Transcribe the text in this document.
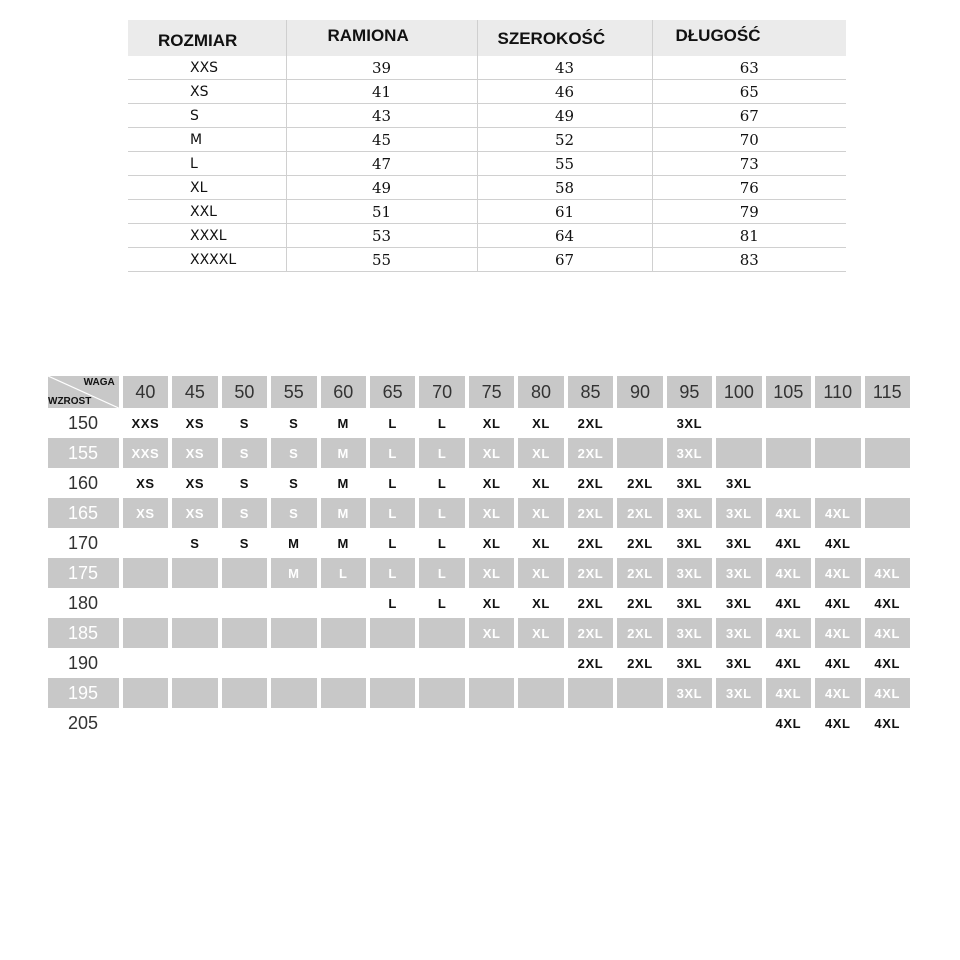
ROZMIAR	RAMIONA	SZEROKOŚĆ	DŁUGOŚĆ
XXS	39	43	63
XS	41	46	65
S	43	49	67
M	45	52	70
L	47	55	73
XL	49	58	76
XXL	51	61	79
XXXL	53	64	81
XXXXL	55	67	83
WAGA
WZROST	40	45	50	55	60	65	70	75	80	85	90	95	100	105	110	115
150	XXS	XS	S	S	M	L	L	XL	XL	2XL		3XL				
155	XXS	XS	S	S	M	L	L	XL	XL	2XL		3XL				
160	XS	XS	S	S	M	L	L	XL	XL	2XL	2XL	3XL	3XL			
165	XS	XS	S	S	M	L	L	XL	XL	2XL	2XL	3XL	3XL	4XL	4XL	
170		S	S	M	M	L	L	XL	XL	2XL	2XL	3XL	3XL	4XL	4XL	
175				M	L	L	L	XL	XL	2XL	2XL	3XL	3XL	4XL	4XL	4XL
180						L	L	XL	XL	2XL	2XL	3XL	3XL	4XL	4XL	4XL
185								XL	XL	2XL	2XL	3XL	3XL	4XL	4XL	4XL
190										2XL	2XL	3XL	3XL	4XL	4XL	4XL
195												3XL	3XL	4XL	4XL	4XL
205														4XL	4XL	4XL
